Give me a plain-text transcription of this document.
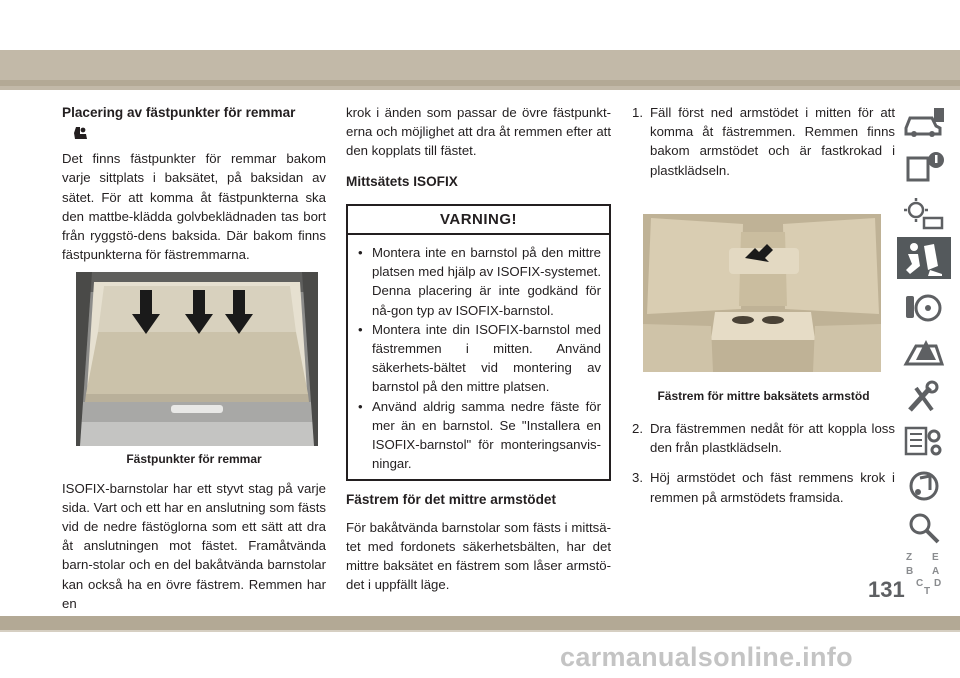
Placering av fästpunkter för remmar

Det finns fästpunkter för remmar bakom varje sittplats i baksätet, på baksidan av sätet. För att komma åt fästpunkterna ska den mattbe-klädda golvbeklädnaden tas bort från ryggstö-dens baksida. Där bakom finns fästpunkterna för fästremmarna.

Fästpunkter för remmar

ISOFIX-barnstolar har ett styvt stag på varje sida. Vart och ett har en anslutning som fästs vid de nedre fästöglorna som ett sätt att dra åt anslutningen mot fästet. Framåtvända barn-stolar och en del bakåtvända barnstolar kan också ha en övre fästrem. Remmen har en

krok i änden som passar de övre fästpunkt-erna och möjlighet att dra åt remmen efter att den kopplats till fästet.

Mittsätets ISOFIX
VARNING!
• Montera inte en barnstol på den mittre platsen med hjälp av ISOFIX-systemet. Denna placering är inte godkänd för nå-gon typ av ISOFIX-barnstol.
• Montera inte din ISOFIX-barnstol med fästremmen i mitten. Använd säkerhets-bältet vid montering av barnstol på den mittre platsen.
• Använd aldrig samma nedre fäste för mer än en barnstol. Se "Installera en ISOFIX-barnstol" för monteringsanvis-ningar.
Fästrem för det mittre armstödet

För bakåtvända barnstolar som fästs i mittsä-tet med fordonets säkerhetsbälten, har det mittre baksätet en fästrem som låser armstö-det i uppfällt läge.

1. Fäll först ned armstödet i mitten för att komma åt fästremmen. Remmen finns bakom armstödet och är fastkrokad i plastklädseln.
Fästrem för mittre baksätets armstöd
2. Dra fästremmen nedåt för att koppla loss den från plastklädseln.
3. Höj armstödet och fäst remmens krok i remmen på armstödets framsida.
Z E
B A
C D
T
131
carmanualsonline.info
